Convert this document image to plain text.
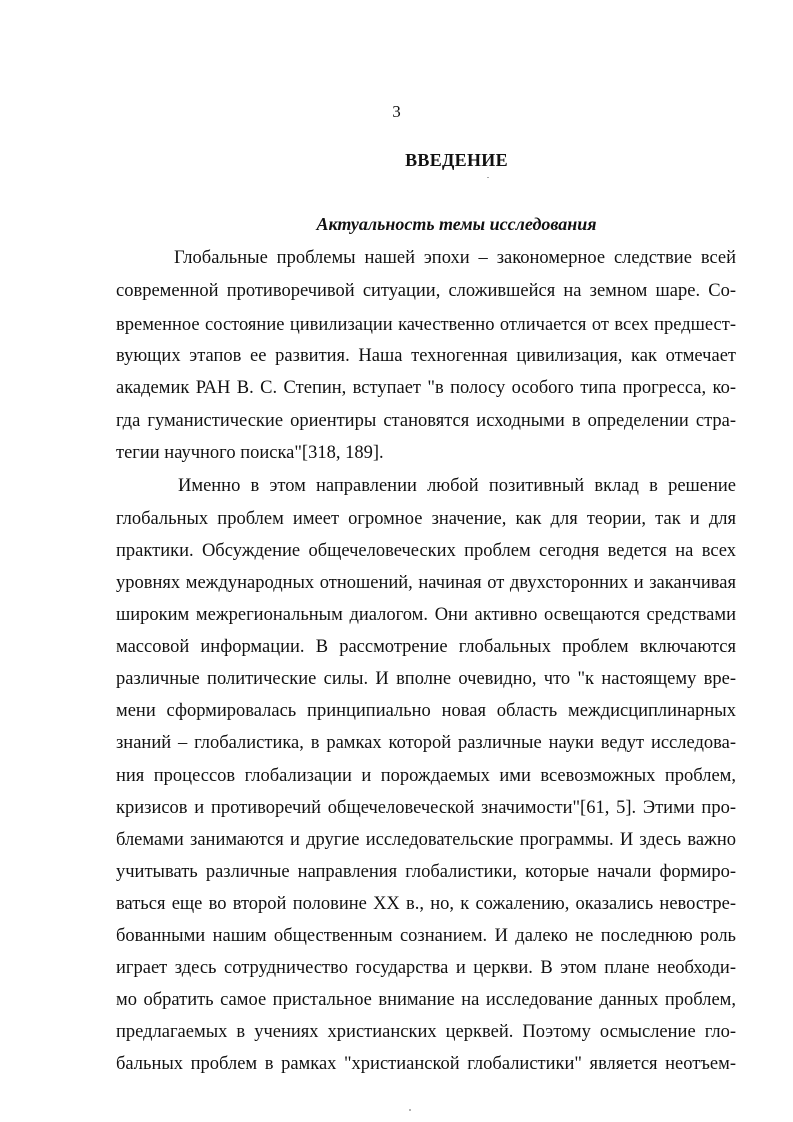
3
ВВЕДЕНИЕ
Актуальность темы исследования
Глобальные проблемы нашей эпохи – закономерное следствие всей
современной противоречивой ситуации, сложившейся на земном шаре. Со-
временное состояние цивилизации качественно отличается от всех предшест-
вующих этапов ее развития. Наша техногенная цивилизация, как отмечает
академик РАН В. С. Степин, вступает "в полосу особого типа прогресса, ко-
гда гуманистические ориентиры становятся исходными в определении стра-
тегии научного поиска"[318, 189].
Именно в этом направлении любой позитивный вклад в решение
глобальных проблем имеет огромное значение, как для теории, так и для
практики. Обсуждение общечеловеческих проблем сегодня ведется на всех
уровнях международных отношений, начиная от двухсторонних и заканчивая
широким межрегиональным диалогом. Они активно освещаются средствами
массовой информации. В рассмотрение глобальных проблем включаются
различные политические силы. И вполне очевидно, что "к настоящему вре-
мени сформировалась принципиально новая область междисциплинарных
знаний – глобалистика, в рамках которой различные науки ведут исследова-
ния процессов глобализации и порождаемых ими всевозможных проблем,
кризисов и противоречий общечеловеческой значимости"[61, 5]. Этими про-
блемами занимаются и другие исследовательские программы. И здесь важно
учитывать различные направления глобалистики, которые начали формиро-
ваться еще во второй половине XX в., но, к сожалению, оказались невостре-
бованными нашим общественным сознанием. И далеко не последнюю роль
играет здесь сотрудничество государства и церкви. В этом плане необходи-
мо обратить самое пристальное внимание на исследование данных проблем,
предлагаемых в учениях христианских церквей. Поэтому осмысление гло-
бальных проблем в рамках "христианской глобалистики" является неотъем-
